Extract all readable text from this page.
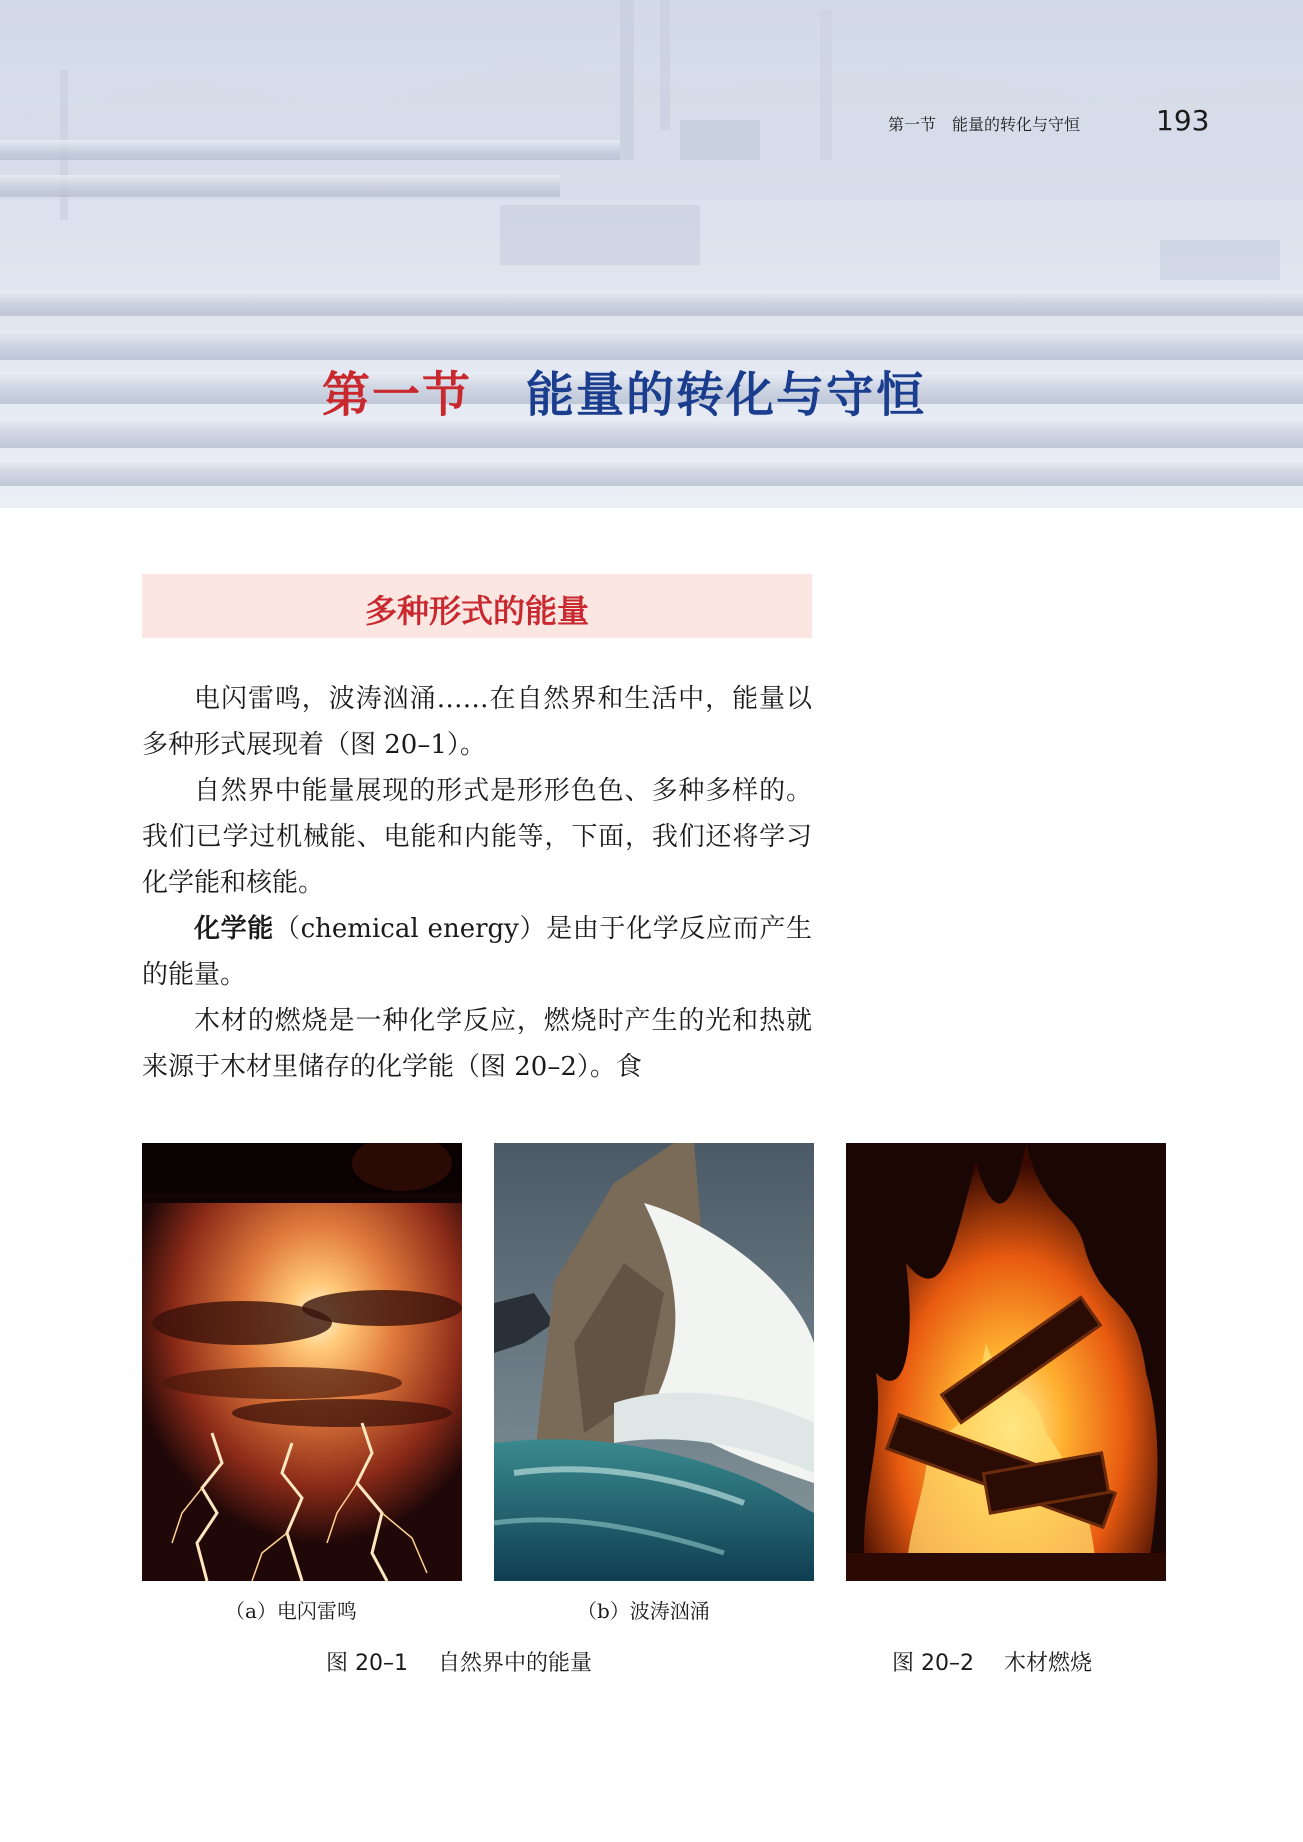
第一节　能量的转化与守恒	193
第一节 能量的转化与守恒
多种形式的能量

电闪雷鸣，波涛汹涌……在自然界和生活中，能量以多种形式展现着（图 20–1）。

自然界中能量展现的形式是形形色色、多种多样的。我们已学过机械能、电能和内能等，下面，我们还将学习化学能和核能。

化学能（chemical energy）是由于化学反应而产生的能量。

木材的燃烧是一种化学反应，燃烧时产生的光和热就来源于木材里储存的化学能（图 20–2）。食

（a）电闪雷鸣	（b）波涛汹涌
图 20–1 自然界中的能量	图 20–2 木材燃烧
